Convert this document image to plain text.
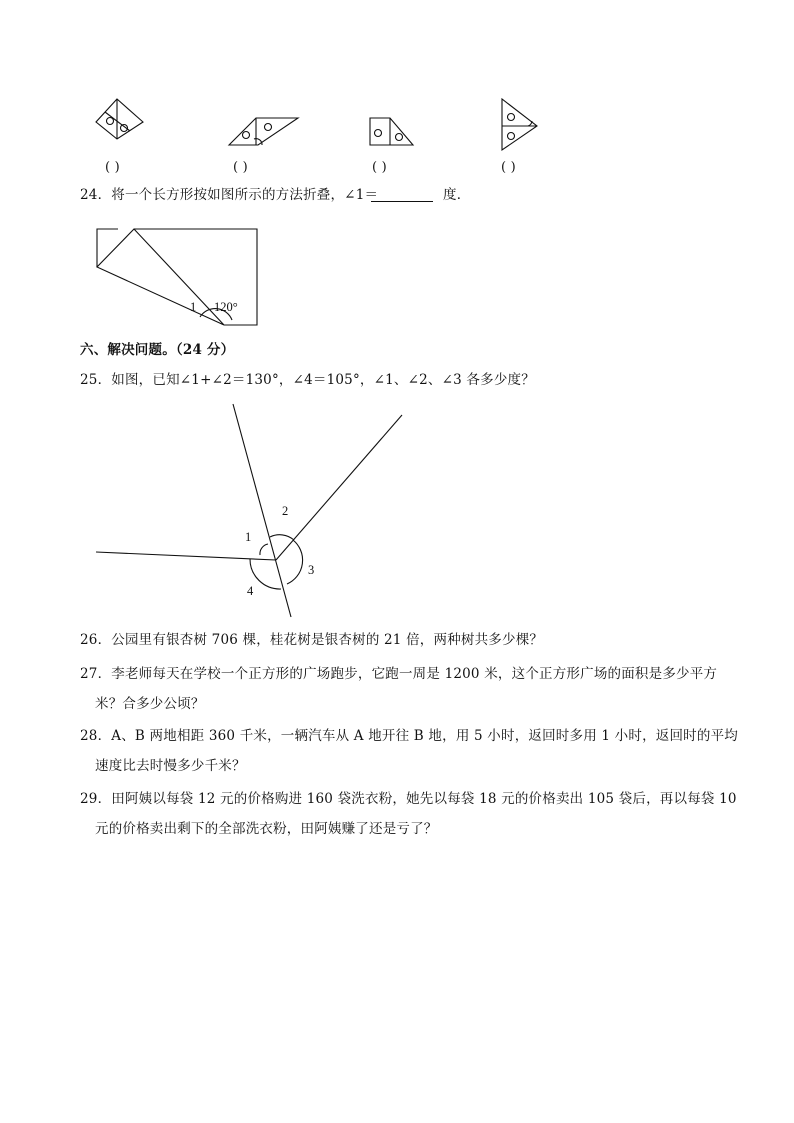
( )	( )	( )	( )
24．将一个长方形按如图所示的方法折叠，∠1＝	度．
1 120°
六、解决问题。（24 分）
25．如图，已知∠1+∠2＝130°，∠4＝105°，∠1、∠2、∠3 各多少度？
1
2
3
4
26．公园里有银杏树 706 棵，桂花树是银杏树的 21 倍，两种树共多少棵？
27．李老师每天在学校一个正方形的广场跑步，它跑一周是 1200 米，这个正方形广场的面积是多少平方
米？合多少公顷？
28．A、B 两地相距 360 千米，一辆汽车从 A 地开往 B 地，用 5 小时，返回时多用 1 小时，返回时的平均
速度比去时慢多少千米？
29．田阿姨以每袋 12 元的价格购进 160 袋洗衣粉，她先以每袋 18 元的价格卖出 105 袋后，再以每袋 10
元的价格卖出剩下的全部洗衣粉，田阿姨赚了还是亏了？
